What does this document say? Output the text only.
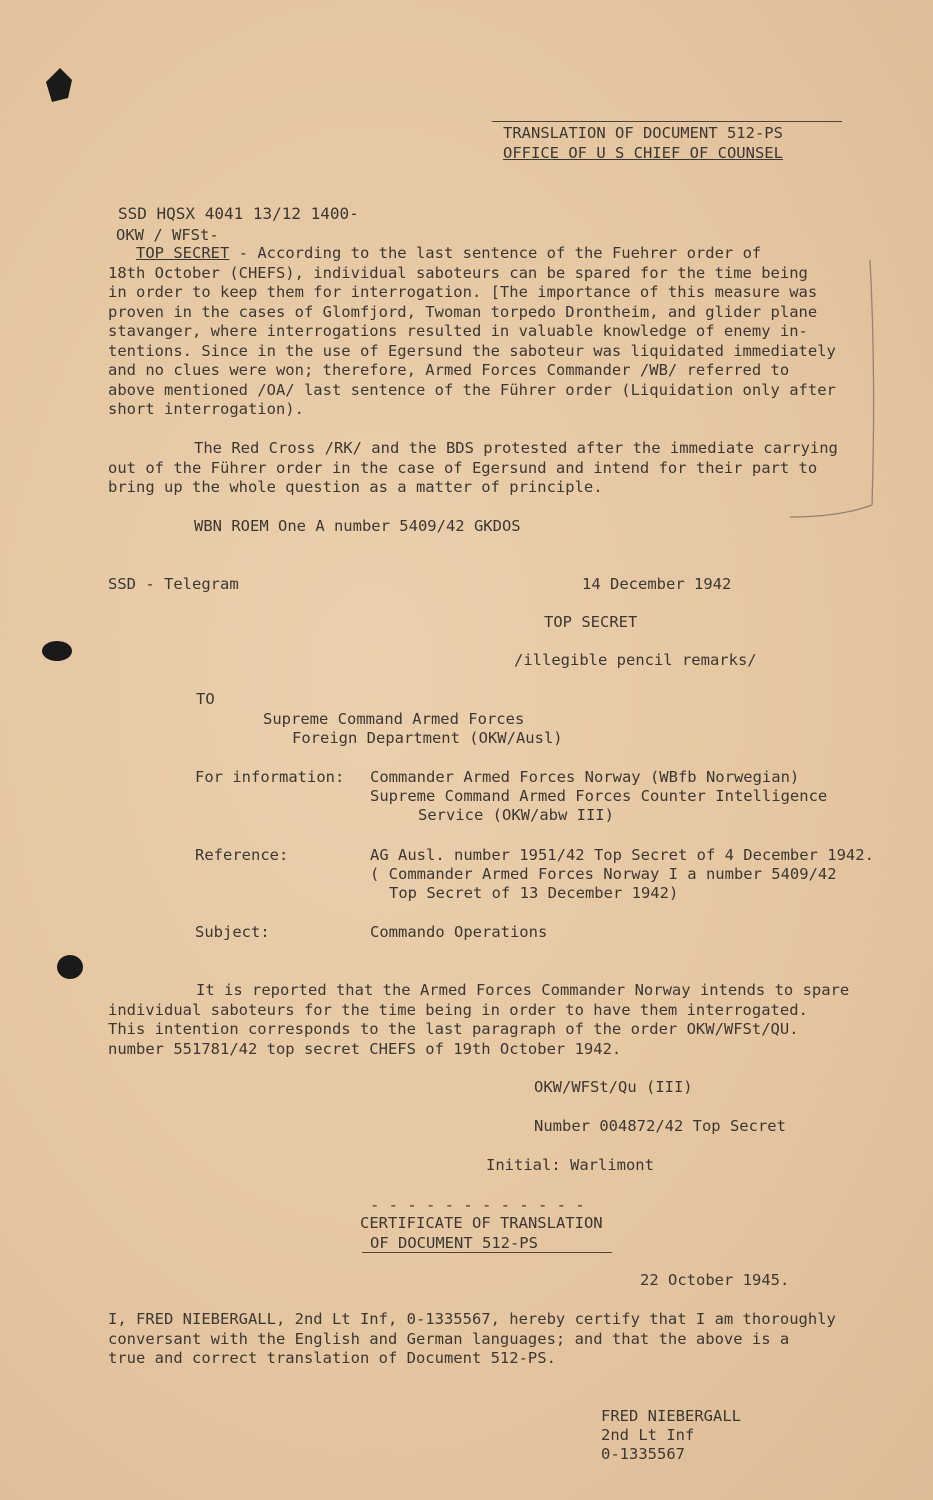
TRANSLATION OF DOCUMENT 512-PS
OFFICE OF U S CHIEF OF COUNSEL
SSD HQSX 4041 13/12 1400-
OKW / WFSt-
TOP SECRET - According to the last sentence of the Fuehrer order of
18th October (CHEFS), individual saboteurs can be spared for the time being
in order to keep them for interrogation. [The importance of this measure was
proven in the cases of Glomfjord, Twoman torpedo Drontheim, and glider plane
stavanger, where interrogations resulted in valuable knowledge of enemy in-
tentions. Since in the use of Egersund the saboteur was liquidated immediately
and no clues were won; therefore, Armed Forces Commander /WB/ referred to
above mentioned /OA/ last sentence of the Führer order (Liquidation only after
short interrogation).
The Red Cross /RK/ and the BDS protested after the immediate carrying
out of the Führer order in the case of Egersund and intend for their part to
bring up the whole question as a matter of principle.
WBN ROEM One A number 5409/42 GKDOS
SSD - Telegram	14 December 1942
TOP SECRET
/illegible pencil remarks/
TO
Supreme Command Armed Forces
Foreign Department (OKW/Ausl)
For information: Commander Armed Forces Norway (WBfb Norwegian)
Supreme Command Armed Forces Counter Intelligence
Service (OKW/abw III)
Reference:	AG Ausl. number 1951/42 Top Secret of 4 December 1942.
( Commander Armed Forces Norway I a number 5409/42
Top Secret of 13 December 1942)
Subject:	Commando Operations
It is reported that the Armed Forces Commander Norway intends to spare
individual saboteurs for the time being in order to have them interrogated.
This intention corresponds to the last paragraph of the order OKW/WFSt/QU.
number 551781/42 top secret CHEFS of 19th October 1942.
OKW/WFSt/Qu (III)
Number 004872/42 Top Secret
Initial: Warlimont
- - - - - - - - - - - -
CERTIFICATE OF TRANSLATION
OF DOCUMENT 512-PS
22 October 1945.
I, FRED NIEBERGALL, 2nd Lt Inf, 0-1335567, hereby certify that I am thoroughly
conversant with the English and German languages; and that the above is a
true and correct translation of Document 512-PS.
FRED NIEBERGALL
2nd Lt Inf
0-1335567
